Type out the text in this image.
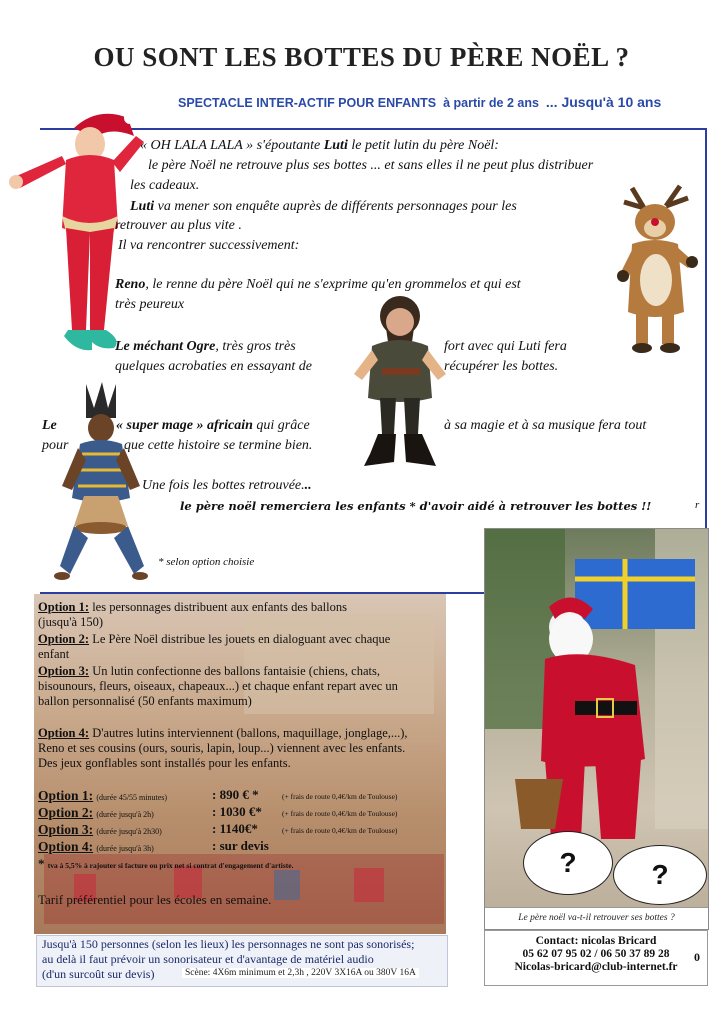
OU SONT LES BOTTES DU PÈRE NOËL ?
SPECTACLE INTER-ACTIF POUR ENFANTS à partir de 2 ans ... Jusqu'à 10 ans
« OH LALA LALA » s'époutante Luti le petit lutin du père Noël:
le père Noël ne retrouve plus ses bottes ... et sans elles il ne peut plus distribuer
les cadeaux.
Luti va mener son enquête auprès de différents personnages pour les
retrouver au plus vite .
Il va rencontrer successivement:
Reno, le renne du père Noël qui ne s'exprime qu'en grommelos et qui est
très peureux
Le méchant Ogre, très gros très	fort avec qui Luti fera
quelques acrobaties en essayant de	récupérer les bottes.
Le	« super mage » africain qui grâce	à sa magie et à sa musique fera tout
pour	que cette histoire se termine bien.
Une fois les bottes retrouvée...
le père noël remerciera les enfants * d'avoir aidé à retrouver les bottes !!	r
* selon option choisie
Option 1: les personnages distribuent aux enfants des ballons
(jusqu'à 150)
Option 2: Le Père Noël distribue les jouets en dialoguant avec chaque
enfant
Option 3: Un lutin confectionne des ballons fantaisie (chiens, chats,
bisounours, fleurs, oiseaux, chapeaux...) et chaque enfant repart avec un
ballon personnalisé (50 enfants maximum)
Option 4: D'autres lutins interviennent (ballons, maquillage, jonglage,...),
Reno et ses cousins (ours, souris, lapin, loup...) viennent avec les enfants.
Des jeux gonflables sont installés pour les enfants.
Option 1: (durée 45/55 minutes)	: 890 € *	(+ frais de route 0,4€/km de Toulouse)
Option 2: (durée jusqu'à 2h)	: 1030 €*	(+ frais de route 0,4€/km de Toulouse)
Option 3: (durée jusqu'à 2h30)	: 1140€*	(+ frais de route 0,4€/km de Toulouse)
Option 4: (durée jusqu'à 3h)	: sur devis
* tva à 5,5% à rajouter si facture ou prix net si contrat d'engagement d'artiste.
Tarif préférentiel pour les écoles en semaine.
Jusqu'à 150 personnes (selon les lieux) les personnages ne sont pas sonorisés;
au delà il faut prévoir un sonorisateur et d'avantage de matériel audio
(d'un surcoût sur devis)	Scène: 4X6m minimum et 2,3h , 220V 3X16A ou 380V 16A
?	?
Le père noël va-t-il retrouver ses bottes ?
Contact: nicolas Bricard
05 62 07 95 02 / 06 50 37 89 28
Nicolas-bricard@club-internet.fr
0
